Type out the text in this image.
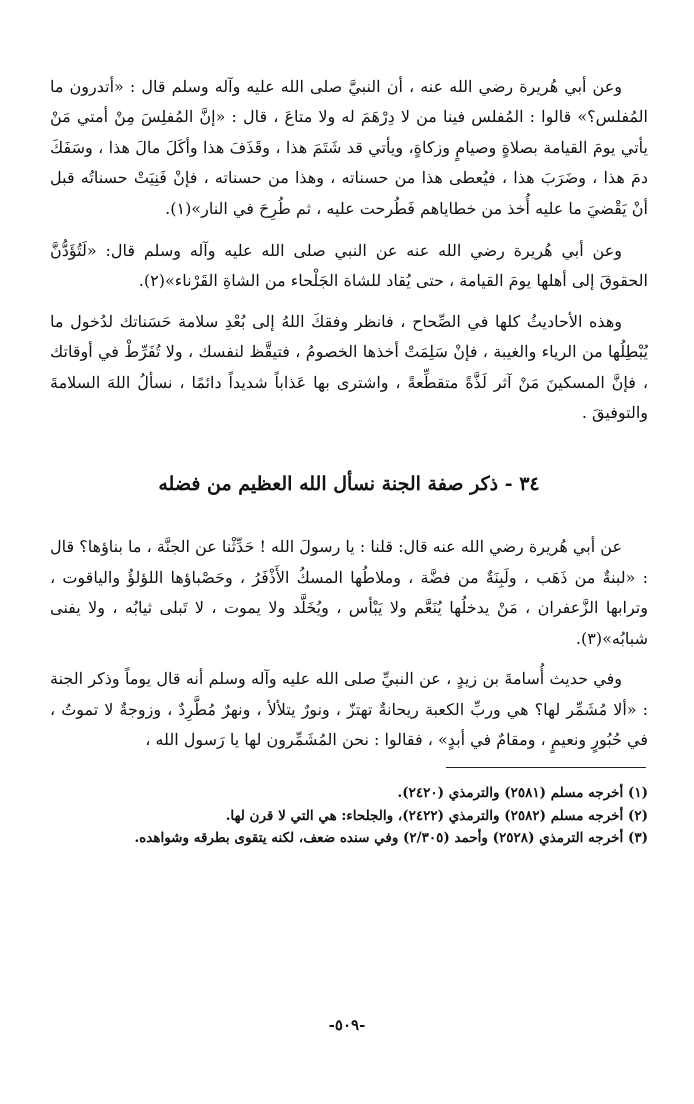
وعن أبي هُريرة رضي الله عنه ، أن النبيَّ صلى الله عليه وآله وسلم قال : «أتدرون ما المُفلس؟» قالوا : المُفلس فينا من لا دِرْهَمَ له ولا متاعَ ، قال : «إنَّ المُفلِسَ مِنْ أمتي مَنْ يأتي يومَ القيامة بصلاةٍ وصيامٍ وزكاةٍ، ويأتي قد شَتَمَ هذا ، وقَذَفَ هذا وأكَلَ مالَ هذا ، وسَفَكَ دمَ هذا ، وضَرَبَ هذا ، فيُعطى هذا من حسناته ، وهذا من حسناته ، فإنْ فَنِيَتْ حسناتُه قبل أنْ يَقْضيَ ما عليه أُخذ من خطاياهم فَطُرحت عليه ، ثم طُرِحَ في النار»(١).

وعن أبي هُريرة رضي الله عنه عن النبي صلى الله عليه وآله وسلم قال: «لَتُؤَدُّنَّ الحقوقَ إلى أهلها يومَ القيامة ، حتى يُقاد للشاة الجَلْحاء من الشاةِ القَرْناء»(٢).

وهذه الأحاديثُ كلها في الصِّحاح ، فانظر وفقكَ اللهُ إلى بُعْدِ سلامة حَسَناتك لدُخول ما يُبْطِلُها من الرياء والغيبة ، فإنْ سَلِمَتْ أخذها الخصومُ ، فتيقَّظ لنفسك ، ولا تُفَرِّطْ في أوقاتك ، فإنَّ المسكينَ مَنْ آثر لَذَّةً متقطِّعةً ، واشترى بها عَذاباً شديداً دائمًا ، نسألُ اللهَ السلامةَ والتوفيقَ .

٣٤ - ذكر صفة الجنة نسأل الله العظيم من فضله

عن أبي هُريرة رضي الله عنه قال: قلنا : يا رسولَ الله ! حَدِّثْنا عن الجنَّة ، ما بناؤها؟ قال : «لبنةٌ من ذَهَب ، ولَبِنَةٌ من فضَّة ، وملاطُها المسكُ الأَذْفَرُ ، وحَصْباؤها اللؤلؤُ والياقوت ، وترابها الزَّعفران ، مَنْ يدخلُها يُنَعَّم ولا يَبْأس ، ويُخَلَّد ولا يموت ، لا تَبلى ثيابُه ، ولا يفنى شبابُه»(٣).

وفي حديث أُسامةَ بن زيدٍ ، عن النبيِّ صلى الله عليه وآله وسلم أنه قال يوماً وذكر الجنة : «ألا مُشَمِّر لها؟ هي وربِّ الكعبة ريحانةٌ تهتزّ ، ونورٌ يتلألأ ، ونهرٌ مُطَّرِدٌ ، وزوجةٌ لا تموتُ ، في حُبُورٍ ونعيمٍ ، ومقامٌ في أبدٍ» ، فقالوا : نحن المُشَمِّرون لها يا رَسول الله ،

(١) أخرجه مسلم (٢٥٨١) والترمذي (٢٤٢٠).

(٢) أخرجه مسلم (٢٥٨٢) والترمذي (٢٤٢٢)، والجلحاء: هي التي لا قرن لها.

(٣) أخرجه الترمذي (٢٥٢٨) وأحمد (٢/٣٠٥) وفي سنده ضعف، لكنه يتقوى بطرقه وشواهده.

-٥٠٩-
